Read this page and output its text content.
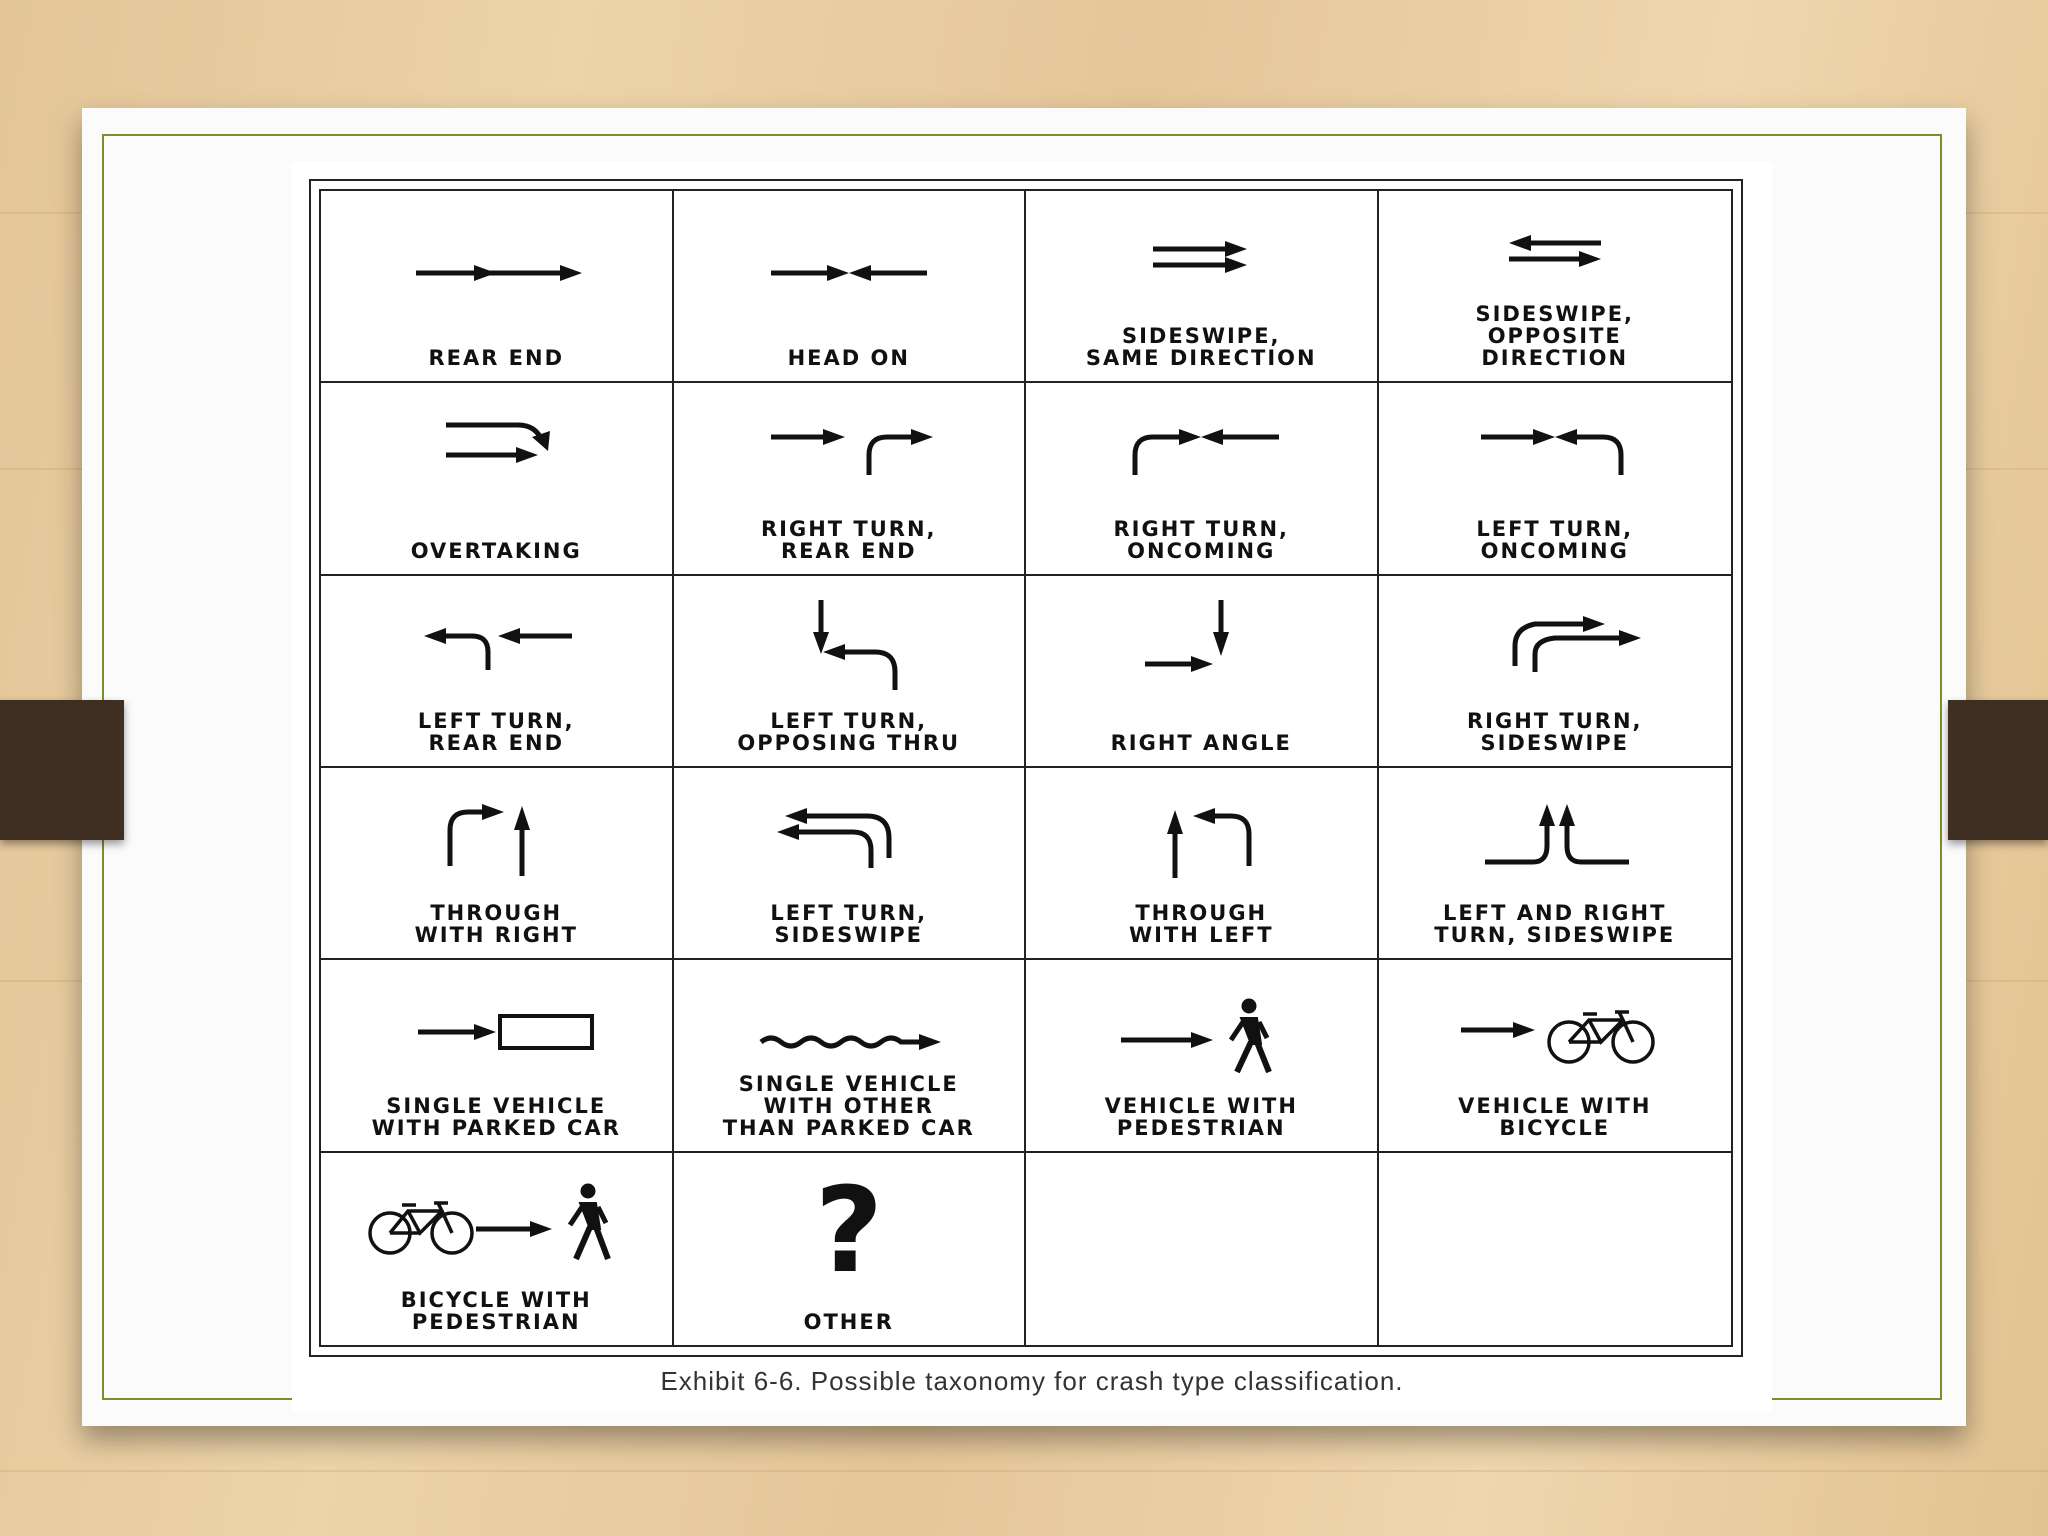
REAR END	HEAD ON
SIDESWIPE,
SAME DIRECTION
SIDESWIPE,
OPPOSITE
DIRECTION
OVERTAKING
RIGHT TURN,
REAR END
RIGHT TURN,
ONCOMING
LEFT TURN,
ONCOMING
LEFT TURN,
REAR END
LEFT TURN,
OPPOSING THRU	RIGHT ANGLE
RIGHT TURN,
SIDESWIPE
THROUGH
WITH RIGHT
LEFT TURN,
SIDESWIPE
THROUGH
WITH LEFT
LEFT AND RIGHT
TURN, SIDESWIPE
SINGLE VEHICLE
WITH PARKED CAR
SINGLE VEHICLE
WITH OTHER
THAN PARKED CAR
VEHICLE WITH
PEDESTRIAN
VEHICLE WITH
BICYCLE
BICYCLE WITH
PEDESTRIAN
?
OTHER
Exhibit 6-6. Possible taxonomy for crash type classification.
